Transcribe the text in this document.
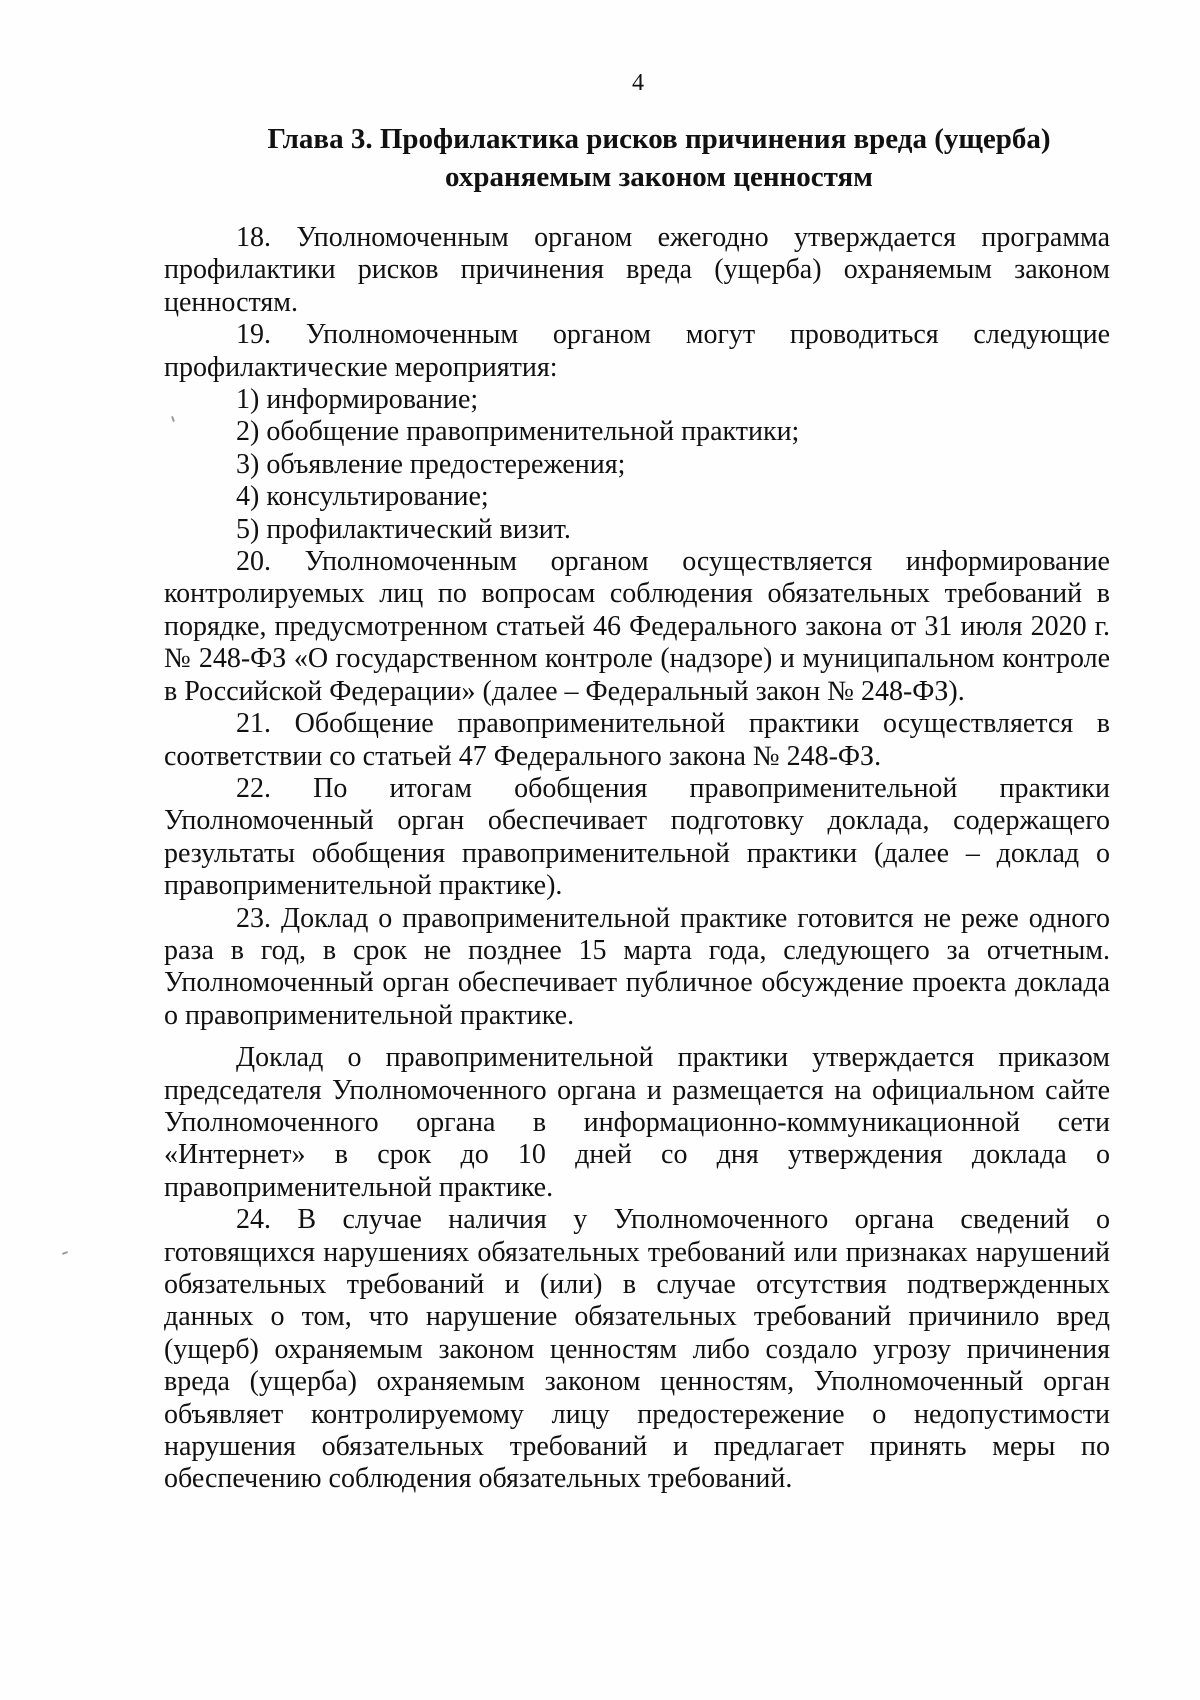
4
Глава 3. Профилактика рисков причинения вреда (ущерба)
охраняемым законом ценностям

18. Уполномоченным органом ежегодно утверждается программа профилактики рисков причинения вреда (ущерба) охраняемым законом ценностям.

19. Уполномоченным органом могут проводиться следующие профилактические мероприятия:

1) информирование;

2) обобщение правоприменительной практики;

3) объявление предостережения;

4) консультирование;

5) профилактический визит.

20. Уполномоченным органом осуществляется информирование контролируемых лиц по вопросам соблюдения обязательных требований в порядке, предусмотренном статьей 46 Федерального закона от 31 июля 2020 г. № 248-ФЗ «О государственном контроле (надзоре) и муниципальном контроле в Российской Федерации» (далее – Федеральный закон № 248-ФЗ).

21. Обобщение правоприменительной практики осуществляется в соответствии со статьей 47 Федерального закона № 248-ФЗ.

22. По итогам обобщения правоприменительной практики Уполномоченный орган обеспечивает подготовку доклада, содержащего результаты обобщения правоприменительной практики (далее – доклад о правоприменительной практике).

23. Доклад о правоприменительной практике готовится не реже одного раза в год, в срок не позднее 15 марта года, следующего за отчетным. Уполномоченный орган обеспечивает публичное обсуждение проекта доклада о правоприменительной практике.

Доклад о правоприменительной практики утверждается приказом председателя Уполномоченного органа и размещается на официальном сайте Уполномоченного органа в информационно-коммуникационной сети «Интернет» в срок до 10 дней со дня утверждения доклада о правоприменительной практике.

24. В случае наличия у Уполномоченного органа сведений о готовящихся нарушениях обязательных требований или признаках нарушений обязательных требований и (или) в случае отсутствия подтвержденных данных о том, что нарушение обязательных требований причинило вред (ущерб) охраняемым законом ценностям либо создало угрозу причинения вреда (ущерба) охраняемым законом ценностям, Уполномоченный орган объявляет контролируемому лицу предостережение о недопустимости нарушения обязательных требований и предлагает принять меры по обеспечению соблюдения обязательных требований.
